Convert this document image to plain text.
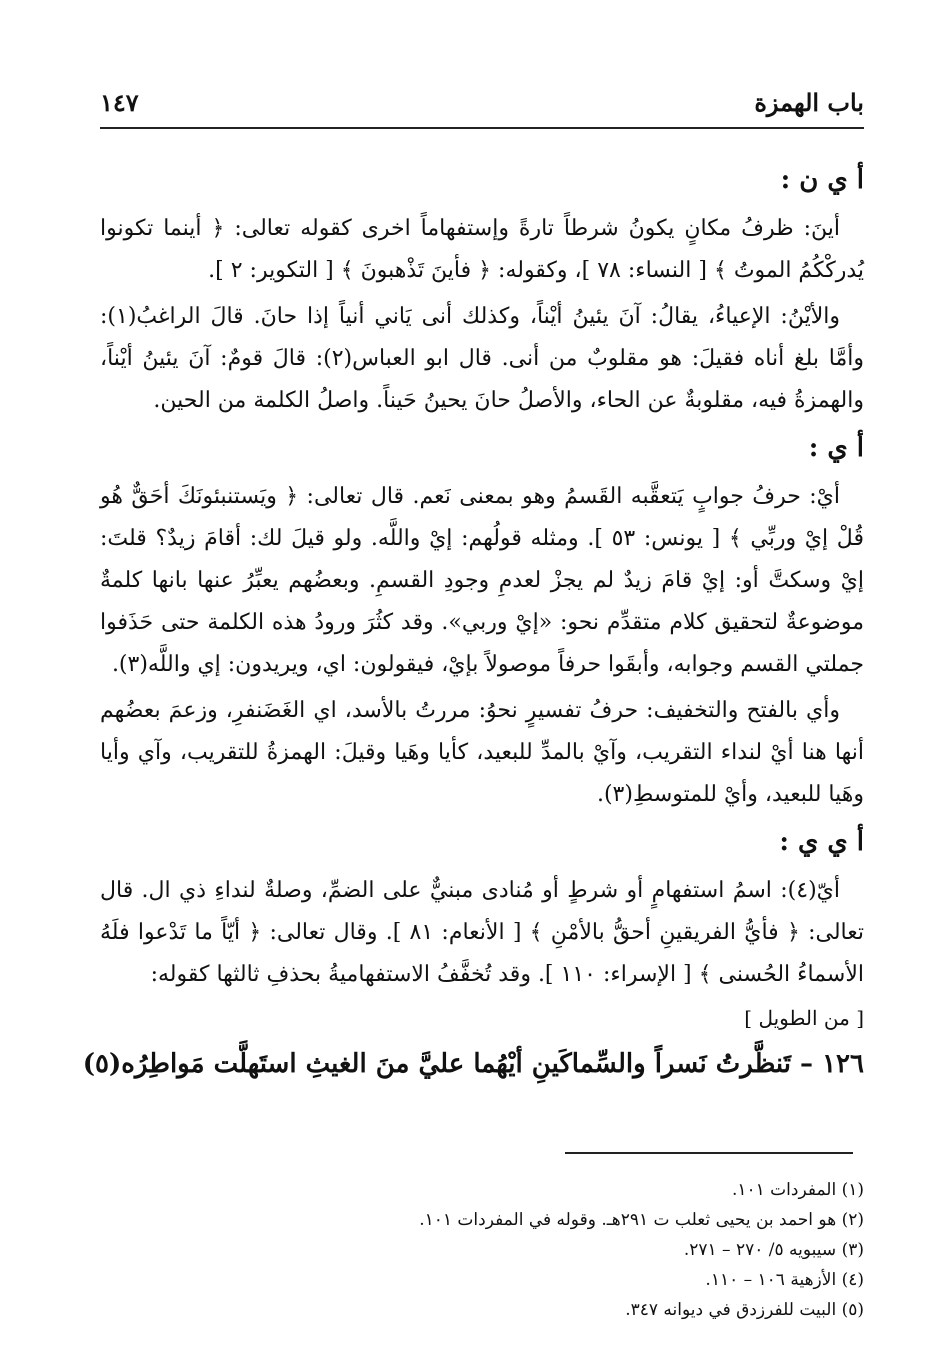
باب الهمزة
١٤٧
أ ي ن :

أينَ: ظرفُ مكانٍ يكونُ شرطاً تارةً وإستفهاماً اخرى كقوله تعالى: ﴿ أينما تكونوا يُدركْكُمُ الموتُ ﴾ [ النساء: ٧٨ ]، وكقوله: ﴿ فأينَ تَذْهبونَ ﴾ [ التكوير: ٢ ].

والأيْنُ: الإعياءُ، يقالُ: آنَ يئينُ أيْناً، وكذلك أنى يَاني أنياً إذا حانَ. قالَ الراغبُ(١): وأمَّا بلغ أناه فقيلَ: هو مقلوبٌ من أنى. قال ابو العباس(٢): قالَ قومٌ: آنَ يئينُ أيْناً، والهمزةُ فيه، مقلوبةٌ عن الحاء، والأصلُ حانَ يحينُ حَيناً. واصلُ الكلمة من الحين.

أ ي :

أيْ: حرفُ جوابٍ يَتعقَّبه القَسمُ وهو بمعنى نَعم. قال تعالى: ﴿ ويَستنبئونَكَ أحَقٌّ هُو قُلْ إيْ وربِّي ﴾ [ يونس: ٥٣ ]. ومثله قولُهم: إيْ واللَّه. ولو قيلَ لك: أقامَ زيدٌ؟ قلتَ: إيْ وسكتَّ أو: إيْ قامَ زيدٌ لم يجزْ لعدمِ وجودِ القسمِ. وبعضُهم يعبِّرُ عنها بانها كلمةٌ موضوعةٌ لتحقيق كلام متقدِّم نحو: «إيْ وربي». وقد كثُرَ ورودُ هذه الكلمة حتى حَذَفوا جملتي القسم وجوابه، وأبقَوا حرفاً موصولاً بإيْ، فيقولون: اي، ويريدون: إي واللَّه(٣).

وأي بالفتح والتخفيف: حرفُ تفسيرٍ نحوُ: مررتُ بالأسد، اي الغَضَنفرِ، وزعمَ بعضُهم أنها هنا أيْ لنداء التقريب، وآيْ بالمدِّ للبعيد، كأيا وهَيا وقيلَ: الهمزةُ للتقريب، وآي وأيا وهَيا للبعيد، وأيْ للمتوسطِ(٣).

أ ي ي :

أيّ(٤): اسمُ استفهامٍ أو شرطٍ أو مُنادى مبنيٌّ على الضمِّ، وصلةٌ لنداءِ ذي ال. قال تعالى: ﴿ فأيُّ الفريقينِ أحقُّ بالأمْنِ ﴾ [ الأنعام: ٨١ ]. وقال تعالى: ﴿ أيّاً ما تَدْعوا فلَهُ الأسماءُ الحُسنى ﴾ [ الإسراء: ١١٠ ]. وقد تُخفَّفُ الاستفهاميةُ بحذفِ ثالثها كقوله:

[ من الطويل ]
١٢٦ – تَنظَّرتُ نَسراً والسِّماكَينِ أيْهُما عليَّ منَ الغيثِ استَهلَّت مَواطِرُه(٥)
(١) المفردات ١٠١.
(٢) هو احمد بن يحيى ثعلب ت ٢٩١هـ. وقوله في المفردات ١٠١.
(٣) سيبويه ٥/ ٢٧٠ – ٢٧١.
(٤) الأزهية ١٠٦ – ١١٠.
(٥) البيت للفرزدق في ديوانه ٣٤٧.
